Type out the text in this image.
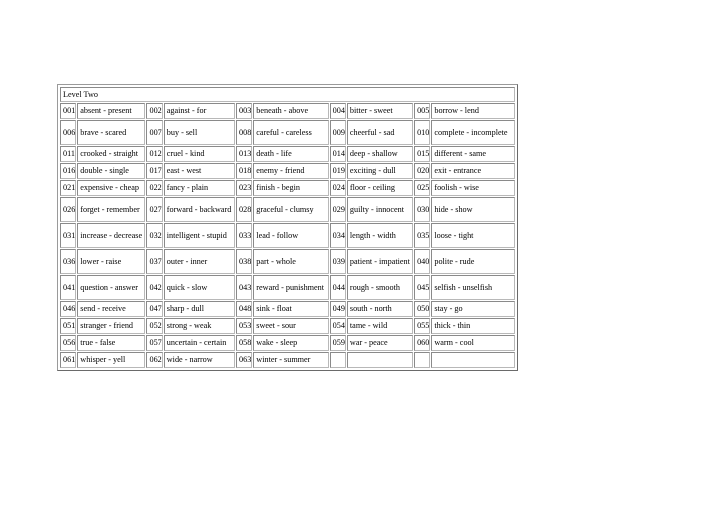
Level Two									
001	absent - present	002	against - for	003	beneath - above	004	bitter - sweet	005	borrow - lend
006	brave - scared	007	buy - sell	008	careful - careless	009	cheerful - sad	010	complete - incomplete
011	crooked - straight	012	cruel - kind	013	death - life	014	deep - shallow	015	different - same
016	double - single	017	east - west	018	enemy - friend	019	exciting - dull	020	exit - entrance
021	expensive - cheap	022	fancy - plain	023	finish - begin	024	floor - ceiling	025	foolish - wise
026	forget - remember	027	forward - backward	028	graceful - clumsy	029	guilty - innocent	030	hide - show
031	increase - decrease	032	intelligent - stupid	033	lead - follow	034	length - width	035	loose - tight
036	lower - raise	037	outer - inner	038	part - whole	039	patient - impatient	040	polite - rude
041	question - answer	042	quick - slow	043	reward - punishment	044	rough - smooth	045	selfish - unselfish
046	send - receive	047	sharp - dull	048	sink - float	049	south - north	050	stay - go
051	stranger - friend	052	strong - weak	053	sweet - sour	054	tame - wild	055	thick - thin
056	true - false	057	uncertain - certain	058	wake - sleep	059	war - peace	060	warm - cool
061	whisper - yell	062	wide - narrow	063	winter - summer				
